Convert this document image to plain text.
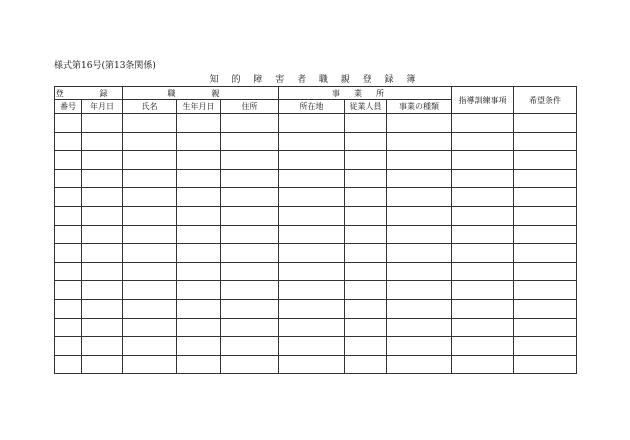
様式第16号(第13条関係)
知 的 障 害 者 職 親 登 録 簿
登　録		職　親			事業所			指導訓練事項	希望条件
番号	年月日	氏名	生年月日	住所	所在地	従業人員	事業の種類		
